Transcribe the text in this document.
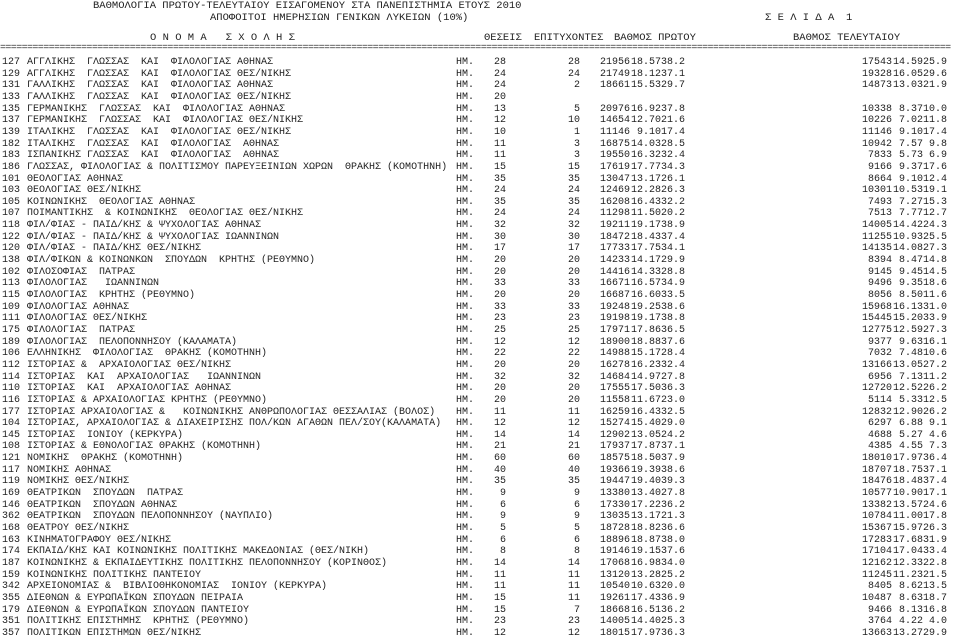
ΒΑΘΜΟΛΟΓΙΑ ΠΡΩΤΟΥ-ΤΕΛΕΥΤΑΙΟΥ ΕΙΣΑΓΟΜΕΝΟΥ ΣΤΑ ΠΑΝΕΠΙΣΤΗΜΙΑ ΕΤΟΥΣ 2010
ΑΠΟΦΟΙΤΟΙ ΗΜΕΡΗΣΙΩΝ ΓΕΝΙΚΩΝ ΛΥΚΕΙΩΝ (10%)	Σ Ε Λ Ι Δ Α 1
Ο Ν Ο Μ Α   Σ Χ Ο Λ Η Σ	ΘΕΣΕΙΣ ΕΠΙΤΥΧΟΝΤΕΣ ΒΑΘΜΟΣ ΠΡΩΤΟΥ	ΒΑΘΜΟΣ ΤΕΛΕΥΤΑΙΟΥ
================================================================================================================================================================================
127 ΑΓΓΛΙΚΗΣ  ΓΛΩΣΣΑΣ  ΚΑΙ  ΦΙΛΟΛΟΓΙΑΣ ΑΘΗΝΑΣ	ΗΜ.	28	28	21956 18.57 38.2	17543 14.59 25.9
129 ΑΓΓΛΙΚΗΣ  ΓΛΩΣΣΑΣ  ΚΑΙ  ΦΙΛΟΛΟΓΙΑΣ ΘΕΣ/ΝΙΚΗΣ	ΗΜ.	24	24	21749 18.12 37.1	19328 16.05 29.6
131 ΓΑΛΛΙΚΗΣ  ΓΛΩΣΣΑΣ  ΚΑΙ  ΦΙΛΟΛΟΓΙΑΣ ΑΘΗΝΑΣ	ΗΜ.	24	2	18661 15.53 29.7	14873 13.03 21.9
133 ΓΑΛΛΙΚΗΣ  ΓΛΩΣΣΑΣ  ΚΑΙ  ΦΙΛΟΛΟΓΙΑΣ ΘΕΣ/ΝΙΚΗΣ	ΗΜ.	20
135 ΓΕΡΜΑΝΙΚΗΣ  ΓΛΩΣΣΑΣ  ΚΑΙ  ΦΙΛΟΛΟΓΙΑΣ ΑΘΗΝΑΣ	ΗΜ.	13	5	20976 16.92 37.8	10338 8.37 10.0
137 ΓΕΡΜΑΝΙΚΗΣ  ΓΛΩΣΣΑΣ  ΚΑΙ  ΦΙΛΟΛΟΓΙΑΣ ΘΕΣ/ΝΙΚΗΣ	ΗΜ.	12	10	14654 12.70 21.6	10226 7.02 11.8
139 ΙΤΑΛΙΚΗΣ  ΓΛΩΣΣΑΣ  ΚΑΙ  ΦΙΛΟΛΟΓΙΑΣ ΘΕΣ/ΝΙΚΗΣ	ΗΜ.	10	1	11146 9.10 17.4	11146 9.10 17.4
182 ΙΤΑΛΙΚΗΣ  ΓΛΩΣΣΑΣ  ΚΑΙ  ΦΙΛΟΛΟΓΙΑΣ  ΑΘΗΝΑΣ	ΗΜ.	11	3	16875 14.03 28.5	10942 7.57 9.8
183 ΙΣΠΑΝΙΚΗΣ ΓΛΩΣΣΑΣ  ΚΑΙ  ΦΙΛΟΛΟΓΙΑΣ  ΑΘΗΝΑΣ	ΗΜ.	11	3	19550 16.32 32.4	7833 5.73 6.9
186 ΓΛΩΣΣΑΣ, ΦΙΛΟΛΟΓΙΑΣ & ΠΟΛΙΤΙΣΜΟΥ ΠΑΡΕΥΞΕΙΝΙΩΝ ΧΩΡΩΝ  ΘΡΑΚΗΣ (ΚΟΜΟΤΗΝΗ) ΗΜ.	15	15	17619 17.77 34.3	9166 9.37 17.6
101 ΘΕΟΛΟΓΙΑΣ ΑΘΗΝΑΣ	ΗΜ.	35	35	13047 13.17 26.1	8664 9.10 12.4
103 ΘΕΟΛΟΓΙΑΣ ΘΕΣ/ΝΙΚΗΣ	ΗΜ.	24	24	12469 12.28 26.3	10301 10.53 19.1
105 ΚΟΙΝΩΝΙΚΗΣ  ΘΕΟΛΟΓΙΑΣ ΑΘΗΝΑΣ	ΗΜ.	35	35	16208 16.43 32.2	7493 7.27 15.3
107 ΠΟΙΜΑΝΤΙΚΗΣ  & ΚΟΙΝΩΝΙΚΗΣ  ΘΕΟΛΟΓΙΑΣ ΘΕΣ/ΝΙΚΗΣ	ΗΜ.	24	24	11298 11.50 20.2	7513 7.77 12.7
118 ΦΙΛ/ΦΙΑΣ - ΠΑΙΔ/ΚΗΣ & ΨΥΧΟΛΟΓΙΑΣ ΑΘΗΝΑΣ	ΗΜ.	32	32	19211 19.17 38.9	14005 14.42 24.3
122 ΦΙΛ/ΦΙΑΣ - ΠΑΙΔ/ΚΗΣ & ΨΥΧΟΛΟΓΙΑΣ ΙΩΑΝΝΙΝΩΝ	ΗΜ.	30	30	18472 18.43 37.4	11255 10.93 25.5
120 ΦΙΛ/ΦΙΑΣ - ΠΑΙΔ/ΚΗΣ ΘΕΣ/ΝΙΚΗΣ	ΗΜ.	17	17	17733 17.75 34.1	14135 14.08 27.3
138 ΦΙΛ/ΦΙΚΩΝ & ΚΟΙΝΩΝΚΩΝ  ΣΠΟΥΔΩΝ  ΚΡΗΤΗΣ (ΡΕΘΥΜΝΟ)	ΗΜ.	20	20	14233 14.17 29.9	8394 8.47 14.8
102 ΦΙΛΟΣΟΦΙΑΣ  ΠΑΤΡΑΣ	ΗΜ.	20	20	14416 14.33 28.8	9145 9.45 14.5
113 ΦΙΛΟΛΟΓΙΑΣ   ΙΩΑΝΝΙΝΩΝ	ΗΜ.	33	33	16671 16.57 34.9	9496 9.35 18.6
115 ΦΙΛΟΛΟΓΙΑΣ  ΚΡΗΤΗΣ (ΡΕΘΥΜΝΟ)	ΗΜ.	20	20	16687 16.60 33.5	8056 8.50 11.6
109 ΦΙΛΟΛΟΓΙΑΣ ΑΘΗΝΑΣ	ΗΜ.	33	33	19248 19.25 38.6	15968 16.13 31.0
111 ΦΙΛΟΛΟΓΙΑΣ ΘΕΣ/ΝΙΚΗΣ	ΗΜ.	23	23	19198 19.17 38.8	15445 15.20 33.9
175 ΦΙΛΟΛΟΓΙΑΣ  ΠΑΤΡΑΣ	ΗΜ.	25	25	17971 17.86 36.5	12775 12.59 27.3
189 ΦΙΛΟΛΟΓΙΑΣ  ΠΕΛΟΠΟΝΝΗΣΟΥ (ΚΑΛΑΜΑΤΑ)	ΗΜ.	12	12	18900 18.88 37.6	9377 9.63 16.1
106 ΕΛΛΗΝΙΚΗΣ  ΦΙΛΟΛΟΓΙΑΣ  ΘΡΑΚΗΣ (ΚΟΜΟΤΗΝΗ)	ΗΜ.	22	22	14988 15.17 28.4	7032 7.48 10.6
112 ΙΣΤΟΡΙΑΣ &  ΑΡΧΑΙΟΛΟΓΙΑΣ ΘΕΣ/ΝΙΚΗΣ	ΗΜ.	20	20	16278 16.23 32.4	13166 13.05 27.2
114 ΙΣΤΟΡΙΑΣ  ΚΑΙ  ΑΡΧΑΙΟΛΟΓΙΑΣ   ΙΩΑΝΝΙΝΩΝ	ΗΜ.	32	32	14684 14.97 27.8	6956 7.13 11.2
110 ΙΣΤΟΡΙΑΣ  ΚΑΙ  ΑΡΧΑΙΟΛΟΓΙΑΣ ΑΘΗΝΑΣ	ΗΜ.	20	20	17555 17.50 36.3	12720 12.52 26.2
116 ΙΣΤΟΡΙΑΣ & ΑΡΧΑΙΟΛΟΓΙΑΣ ΚΡΗΤΗΣ (ΡΕΘΥΜΝΟ)	ΗΜ.	20	20	11558 11.67 23.0	5114 5.33 12.5
177 ΙΣΤΟΡΙΑΣ ΑΡΧΑΙΟΛΟΓΙΑΣ &   ΚΟΙΝΩΝΙΚΗΣ ΑΝΘΡΩΠΟΛΟΓΙΑΣ ΘΕΣΣΑΛΙΑΣ (ΒΟΛΟΣ) ΗΜ.	11	11	16259 16.43 32.5	12832 12.90 26.2
104 ΙΣΤΟΡΙΑΣ, ΑΡΧΑΙΟΛΟΓΙΑΣ & ΔΙΑΧΕΙΡΙΣΗΣ ΠΟΛ/ΚΩΝ ΑΓΑΘΩΝ ΠΕΛ/ΣΟΥ(ΚΑΛΑΜΑΤΑ) ΗΜ.	12	12	15274 15.40 29.0	6297 6.88 9.1
145 ΙΣΤΟΡΙΑΣ  ΙΟΝΙΟΥ (ΚΕΡΚΥΡΑ)	ΗΜ.	14	14	12902 13.05 24.2	4688 5.27 4.6
108 ΙΣΤΟΡΙΑΣ & ΕΘΝΟΛΟΓΙΑΣ ΘΡΑΚΗΣ (ΚΟΜΟΤΗΝΗ)	ΗΜ.	21	21	17937 17.87 37.1	4385 4.55 7.3
121 ΝΟΜΙΚΗΣ  ΘΡΑΚΗΣ (ΚΟΜΟΤΗΝΗ)	ΗΜ.	60	60	18575 18.50 37.9	18010 17.97 36.4
117 ΝΟΜΙΚΗΣ ΑΘΗΝΑΣ	ΗΜ.	40	40	19366 19.39 38.6	18707 18.75 37.1
119 ΝΟΜΙΚΗΣ ΘΕΣ/ΝΙΚΗΣ	ΗΜ.	35	35	19447 19.40 39.3	18476 18.48 37.4
169 ΘΕΑΤΡΙΚΩΝ  ΣΠΟΥΔΩΝ  ΠΑΤΡΑΣ	ΗΜ.	9	9	13380 13.40 27.8	10577 10.90 17.1
146 ΘΕΑΤΡΙΚΩΝ  ΣΠΟΥΔΩΝ ΑΘΗΝΑΣ	ΗΜ.	6	6	17330 17.22 36.2	13382 13.57 24.6
362 ΘΕΑΤΡΙΚΩΝ  ΣΠΟΥΔΩΝ ΠΕΛΟΠΟΝΝΗΣΟΥ (ΝΑΥΠΛΙΟ)	ΗΜ.	9	9	13035 13.17 21.3	10784 11.00 17.8
168 ΘΕΑΤΡΟΥ ΘΕΣ/ΝΙΚΗΣ	ΗΜ.	5	5	18728 18.82 36.6	15367 15.97 26.3
163 ΚΙΝΗΜΑΤΟΓΡΑΦΟΥ ΘΕΣ/ΝΙΚΗΣ	ΗΜ.	6	6	18896 18.87 38.0	17283 17.68 31.9
174 ΕΚΠΑΙΔ/ΚΗΣ ΚΑΙ ΚΟΙΝΩΝΙΚΗΣ ΠΟΛΙΤΙΚΗΣ ΜΑΚΕΔΟΝΙΑΣ (ΘΕΣ/ΝΙΚΗ)	ΗΜ.	8	8	19146 19.15 37.6	17104 17.04 33.4
187 ΚΟΙΝΩΝΙΚΗΣ & ΕΚΠΑΙΔΕΥΤΙΚΗΣ ΠΟΛΙΤΙΚΗΣ ΠΕΛΟΠΟΝΝΗΣΟΥ (ΚΟΡΙΝΘΟΣ)	ΗΜ.	14	14	17068 16.98 34.0	12162 12.33 22.8
159 ΚΟΙΝΩΝΙΚΗΣ ΠΟΛΙΤΙΚΗΣ ΠΑΝΤΕΙΟΥ	ΗΜ.	11	11	13120 13.28 25.2	11245 11.23 21.5
342 ΑΡΧΕΙΟΝΟΜΙΑΣ &  ΒΙΒΛΙΟΘΗΚΟΝΟΜΙΑΣ  ΙΟΝΙΟΥ (ΚΕΡΚΥΡΑ)	ΗΜ.	11	11	10540 10.63 20.0	8405 8.62 13.5
355 ΔΙΕΘΝΩΝ & ΕΥΡΩΠΑΪΚΩΝ ΣΠΟΥΔΩΝ ΠΕΙΡΑΙΑ	ΗΜ.	15	11	19261 17.43 36.9	10487 8.63 18.7
179 ΔΙΕΘΝΩΝ & ΕΥΡΩΠΑΪΚΩΝ ΣΠΟΥΔΩΝ ΠΑΝΤΕΙΟΥ	ΗΜ.	15	7	18668 16.51 36.2	9466 8.13 16.8
351 ΠΟΛΙΤΙΚΗΣ ΕΠΙΣΤΗΜΗΣ  ΚΡΗΤΗΣ (ΡΕΘΥΜΝΟ)	ΗΜ.	23	23	14005 14.40 25.3	3764 4.22 4.0
357 ΠΟΛΙΤΙΚΩΝ ΕΠΙΣΤΗΜΩΝ ΘΕΣ/ΝΙΚΗΣ	ΗΜ.	12	12	18015 17.97 36.3	13663 13.27 29.9
